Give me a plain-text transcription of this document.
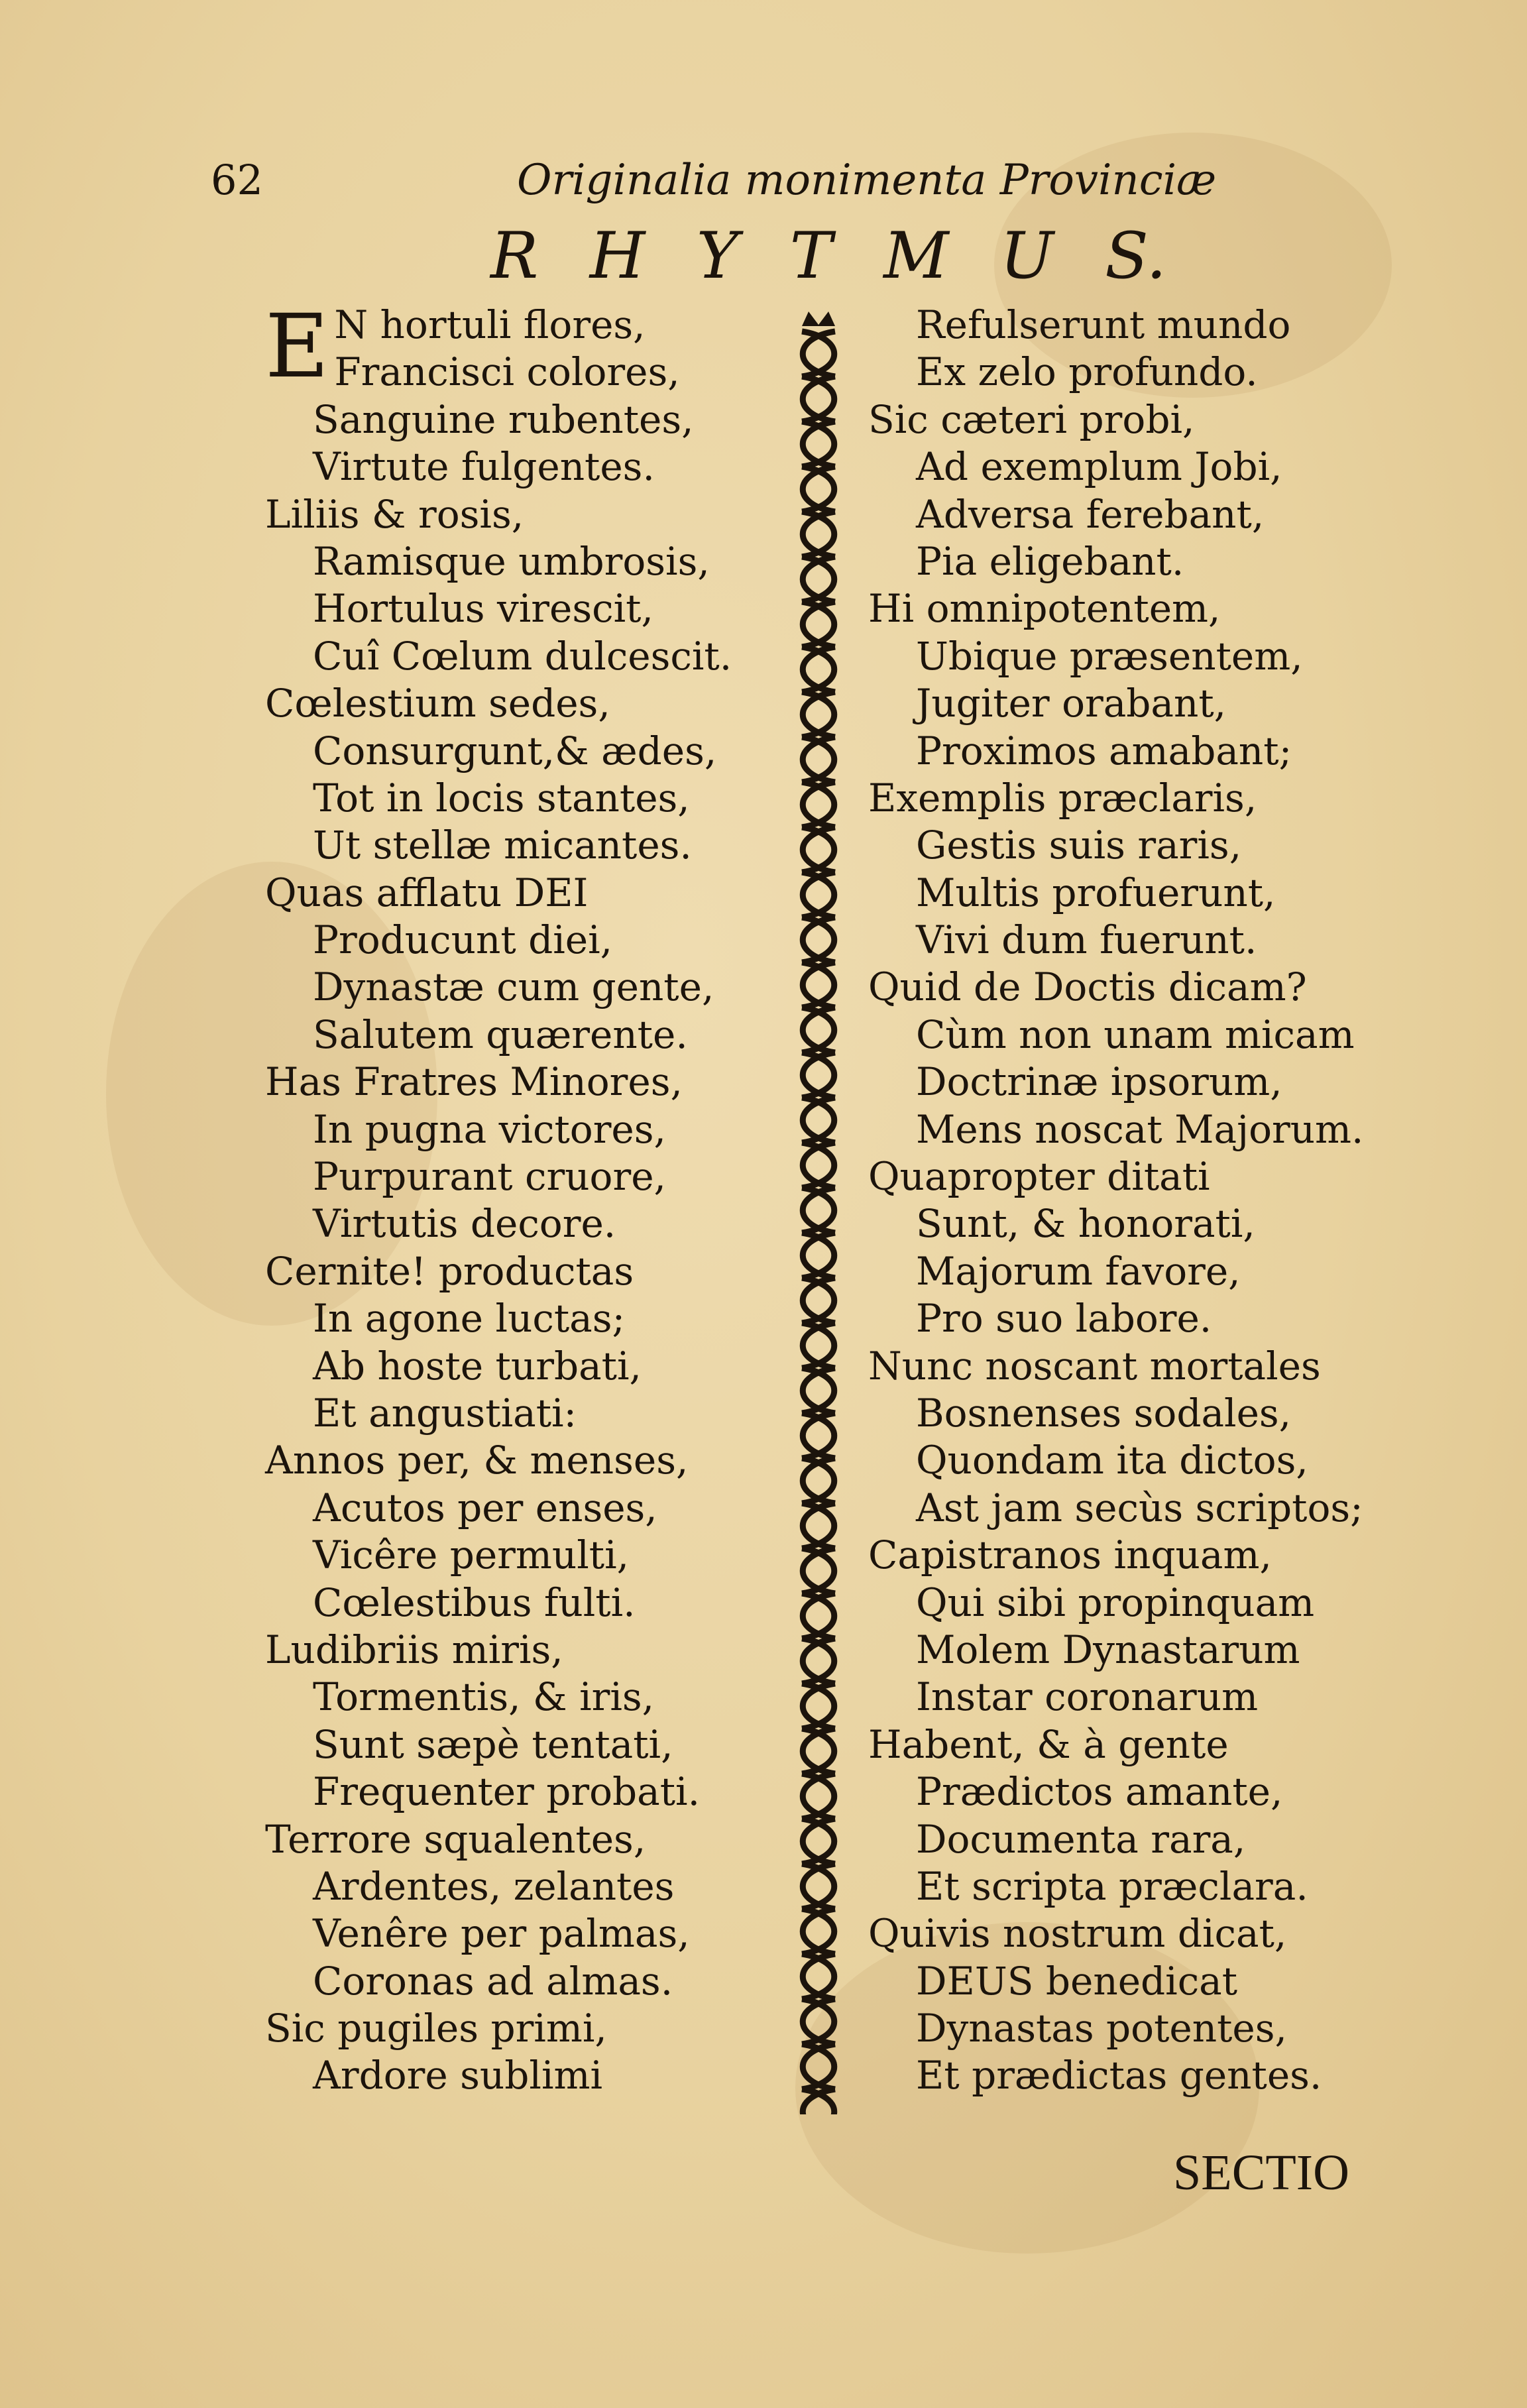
62	Originalia monimenta Provinciæ
R H Y T M U S.
E N hortuli flores,
Francisci colores,
Sanguine rubentes,
Virtute fulgentes.
Liliis & rosis,
Ramisque umbrosis,
Hortulus virescit,
Cuî Cœlum dulcescit.
Cœlestium sedes,
Consurgunt,& ædes,
Tot in locis stantes,
Ut stellæ micantes.
Quas afflatu DEI
Producunt diei,
Dynastæ cum gente,
Salutem quærente.
Has Fratres Minores,
In pugna victores,
Purpurant cruore,
Virtutis decore.
Cernite! productas
In agone luctas;
Ab hoste turbati,
Et angustiati:
Annos per, & menses,
Acutos per enses,
Vicêre permulti,
Cœlestibus fulti.
Ludibriis miris,
Tormentis, & iris,
Sunt sæpè tentati,
Frequenter probati.
Terrore squalentes,
Ardentes, zelantes
Venêre per palmas,
Coronas ad almas.
Sic pugiles primi,
Ardore sublimi
Refulserunt mundo
Ex zelo profundo.
Sic cæteri probi,
Ad exemplum Jobi,
Adversa ferebant,
Pia eligebant.
Hi omnipotentem,
Ubique præsentem,
Jugiter orabant,
Proximos amabant;
Exemplis præclaris,
Gestis suis raris,
Multis profuerunt,
Vivi dum fuerunt.
Quid de Doctis dicam?
Cùm non unam micam
Doctrinæ ipsorum,
Mens noscat Majorum.
Quapropter ditati
Sunt, & honorati,
Majorum favore,
Pro suo labore.
Nunc noscant mortales
Bosnenses sodales,
Quondam ita dictos,
Ast jam secùs scriptos;
Capistranos inquam,
Qui sibi propinquam
Molem Dynastarum
Instar coronarum
Habent, & à gente
Prædictos amante,
Documenta rara,
Et scripta præclara.
Quivis nostrum dicat,
DEUS benedicat
Dynastas potentes,
Et prædictas gentes.
SECTIO
